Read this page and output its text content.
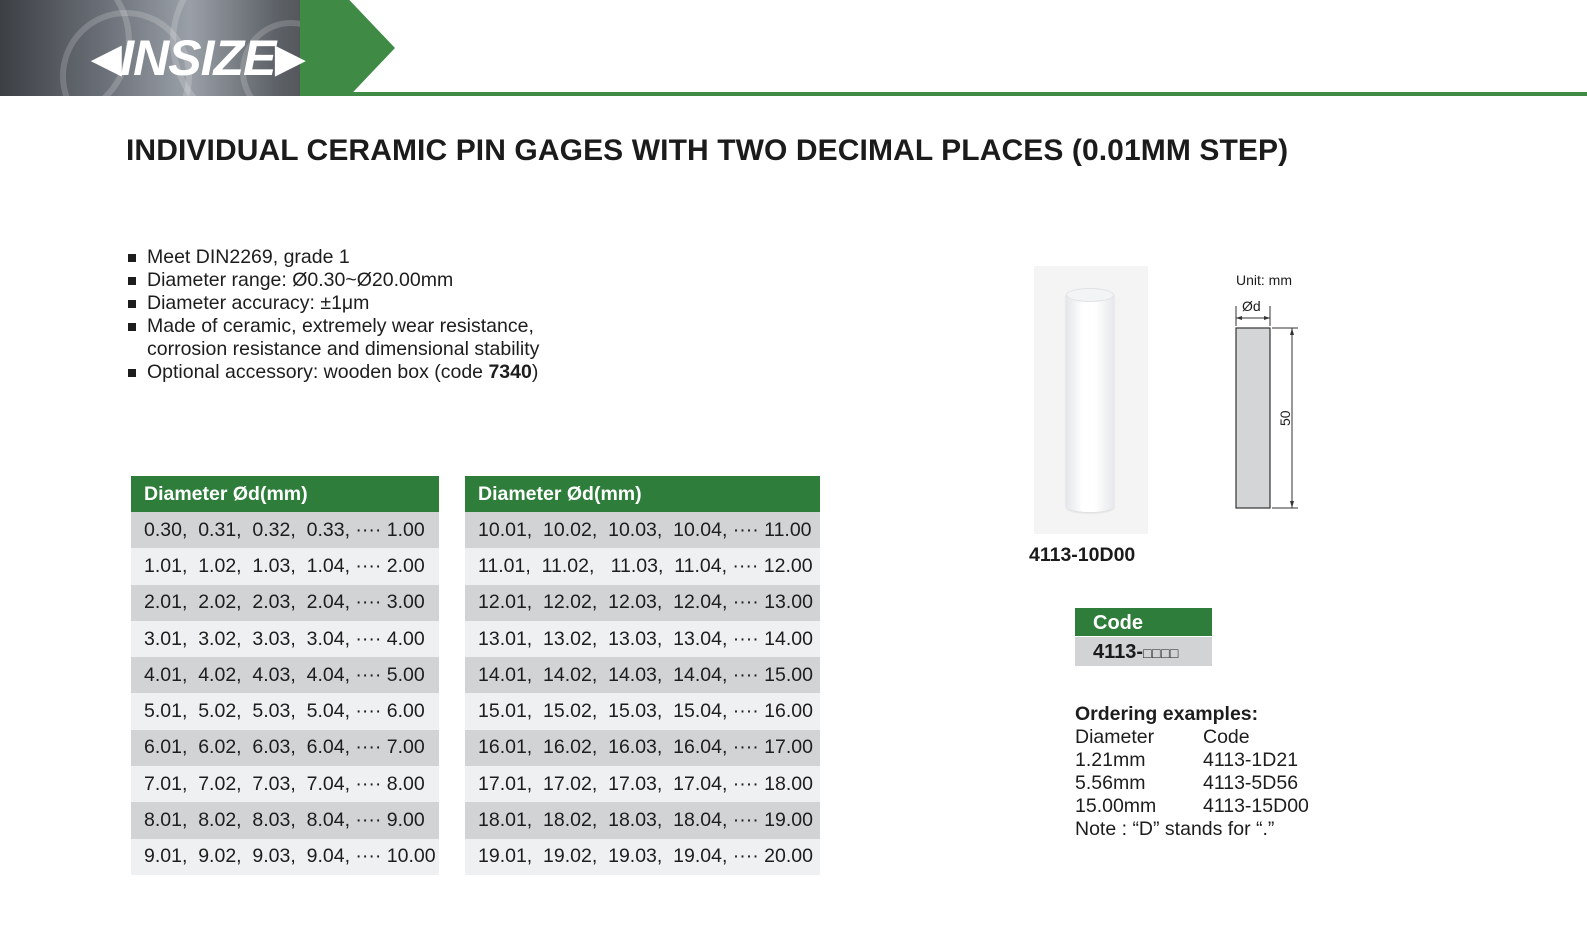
◀ INSIZE ▶
INDIVIDUAL CERAMIC PIN GAGES WITH TWO DECIMAL PLACES (0.01MM STEP)
Meet DIN2269, grade 1
Diameter range: Ø0.30~Ø20.00mm
Diameter accuracy: ±1μm
Made of ceramic, extremely wear resistance,
corrosion resistance and dimensional stability
Optional accessory: wooden box (code 7340)
Diameter Ød(mm)
0.30,  0.31,  0.32,  0.33, ···· 1.00
1.01,  1.02,  1.03,  1.04, ···· 2.00
2.01,  2.02,  2.03,  2.04, ···· 3.00
3.01,  3.02,  3.03,  3.04, ···· 4.00
4.01,  4.02,  4.03,  4.04, ···· 5.00
5.01,  5.02,  5.03,  5.04, ···· 6.00
6.01,  6.02,  6.03,  6.04, ···· 7.00
7.01,  7.02,  7.03,  7.04, ···· 8.00
8.01,  8.02,  8.03,  8.04, ···· 9.00
9.01,  9.02,  9.03,  9.04, ···· 10.00
Diameter Ød(mm)
10.01,  10.02,  10.03,  10.04, ···· 11.00
11.01,  11.02,   11.03,  11.04, ···· 12.00
12.01,  12.02,  12.03,  12.04, ···· 13.00
13.01,  13.02,  13.03,  13.04, ···· 14.00
14.01,  14.02,  14.03,  14.04, ···· 15.00
15.01,  15.02,  15.03,  15.04, ···· 16.00
16.01,  16.02,  16.03,  16.04, ···· 17.00
17.01,  17.02,  17.03,  17.04, ···· 18.00
18.01,  18.02,  18.03,  18.04, ···· 19.00
19.01,  19.02,  19.03,  19.04, ···· 20.00
4113-10D00
Unit: mm
Ød
50
Code
4113-□□□□
Ordering examples:
Diameter	Code
1.21mm	4113-1D21
5.56mm	4113-5D56
15.00mm	4113-15D00
Note : “D” stands for “.”
